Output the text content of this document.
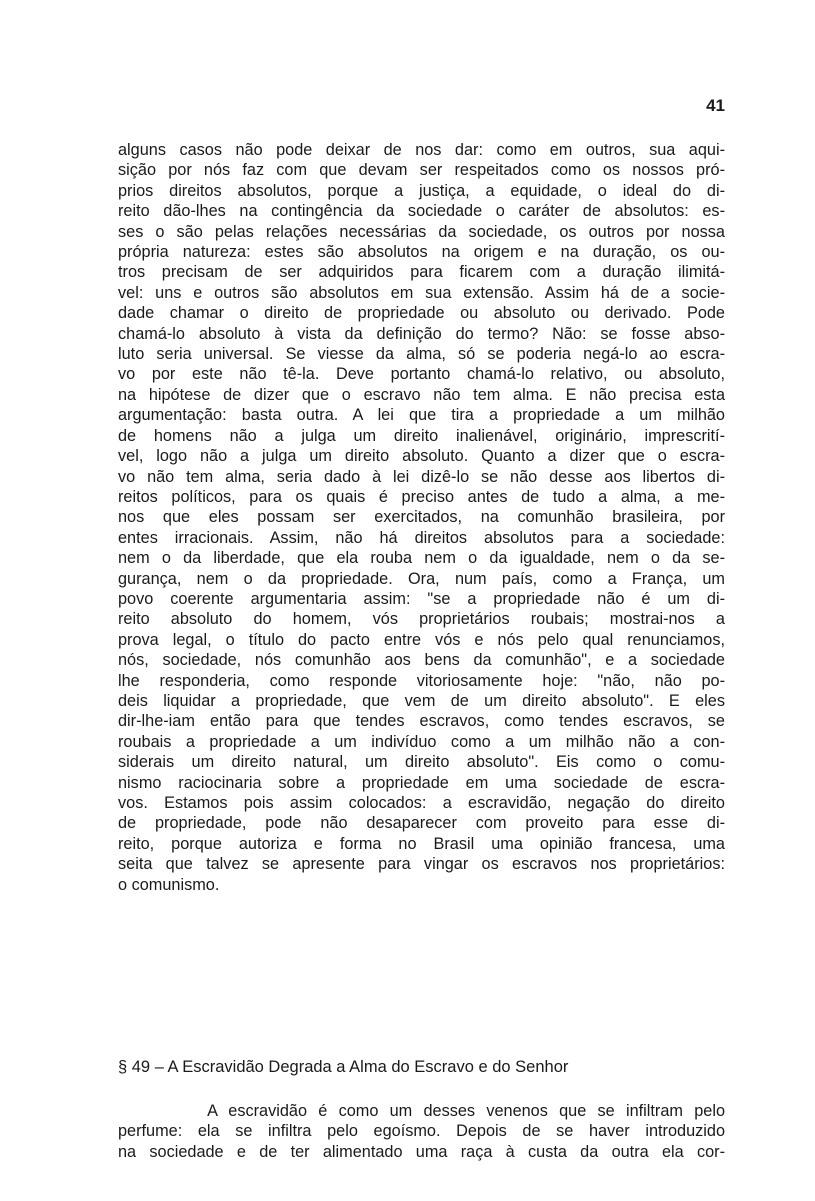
41
alguns casos não pode deixar de nos dar: como em outros, sua aqui-
sição por nós faz com que devam ser respeitados como os nossos pró-
prios direitos absolutos, porque a justiça, a equidade, o ideal do di-
reito dão-lhes na contingência da sociedade o caráter de absolutos: es-
ses o são pelas relações necessárias da sociedade, os outros por nossa
própria natureza: estes são absolutos na origem e na duração, os ou-
tros precisam de ser adquiridos para ficarem com a duração ilimitá-
vel: uns e outros são absolutos em sua extensão. Assim há de a socie-
dade chamar o direito de propriedade ou absoluto ou derivado. Pode
chamá-lo absoluto à vista da definição do termo? Não: se fosse abso-
luto seria universal. Se viesse da alma, só se poderia negá-lo ao escra-
vo por este não tê-la. Deve portanto chamá-lo relativo, ou absoluto,
na hipótese de dizer que o escravo não tem alma. E não precisa esta
argumentação: basta outra. A lei que tira a propriedade a um milhão
de homens não a julga um direito inalienável, originário, imprescrití-
vel, logo não a julga um direito absoluto. Quanto a dizer que o escra-
vo não tem alma, seria dado à lei dizê-lo se não desse aos libertos di-
reitos políticos, para os quais é preciso antes de tudo a alma, a me-
nos que eles possam ser exercitados, na comunhão brasileira, por
entes irracionais. Assim, não há direitos absolutos para a sociedade:
nem o da liberdade, que ela rouba nem o da igualdade, nem o da se-
gurança, nem o da propriedade. Ora, num país, como a França, um
povo coerente argumentaria assim: "se a propriedade não é um di-
reito absoluto do homem, vós proprietários roubais; mostrai-nos a
prova legal, o título do pacto entre vós e nós pelo qual renunciamos,
nós, sociedade, nós comunhão aos bens da comunhão", e a sociedade
lhe responderia, como responde vitoriosamente hoje: "não, não po-
deis liquidar a propriedade, que vem de um direito absoluto". E eles
dir-lhe-iam então para que tendes escravos, como tendes escravos, se
roubais a propriedade a um indivíduo como a um milhão não a con-
siderais um direito natural, um direito absoluto". Eis como o comu-
nismo raciocinaria sobre a propriedade em uma sociedade de escra-
vos. Estamos pois assim colocados: a escravidão, negação do direito
de propriedade, pode não desaparecer com proveito para esse di-
reito, porque autoriza e forma no Brasil uma opinião francesa, uma
seita que talvez se apresente para vingar os escravos nos proprietários:
o comunismo.
§ 49 – A Escravidão Degrada a Alma do Escravo e do Senhor
A escravidão é como um desses venenos que se infiltram pelo
perfume: ela se infiltra pelo egoísmo. Depois de se haver introduzido
na sociedade e de ter alimentado uma raça à custa da outra ela cor-
